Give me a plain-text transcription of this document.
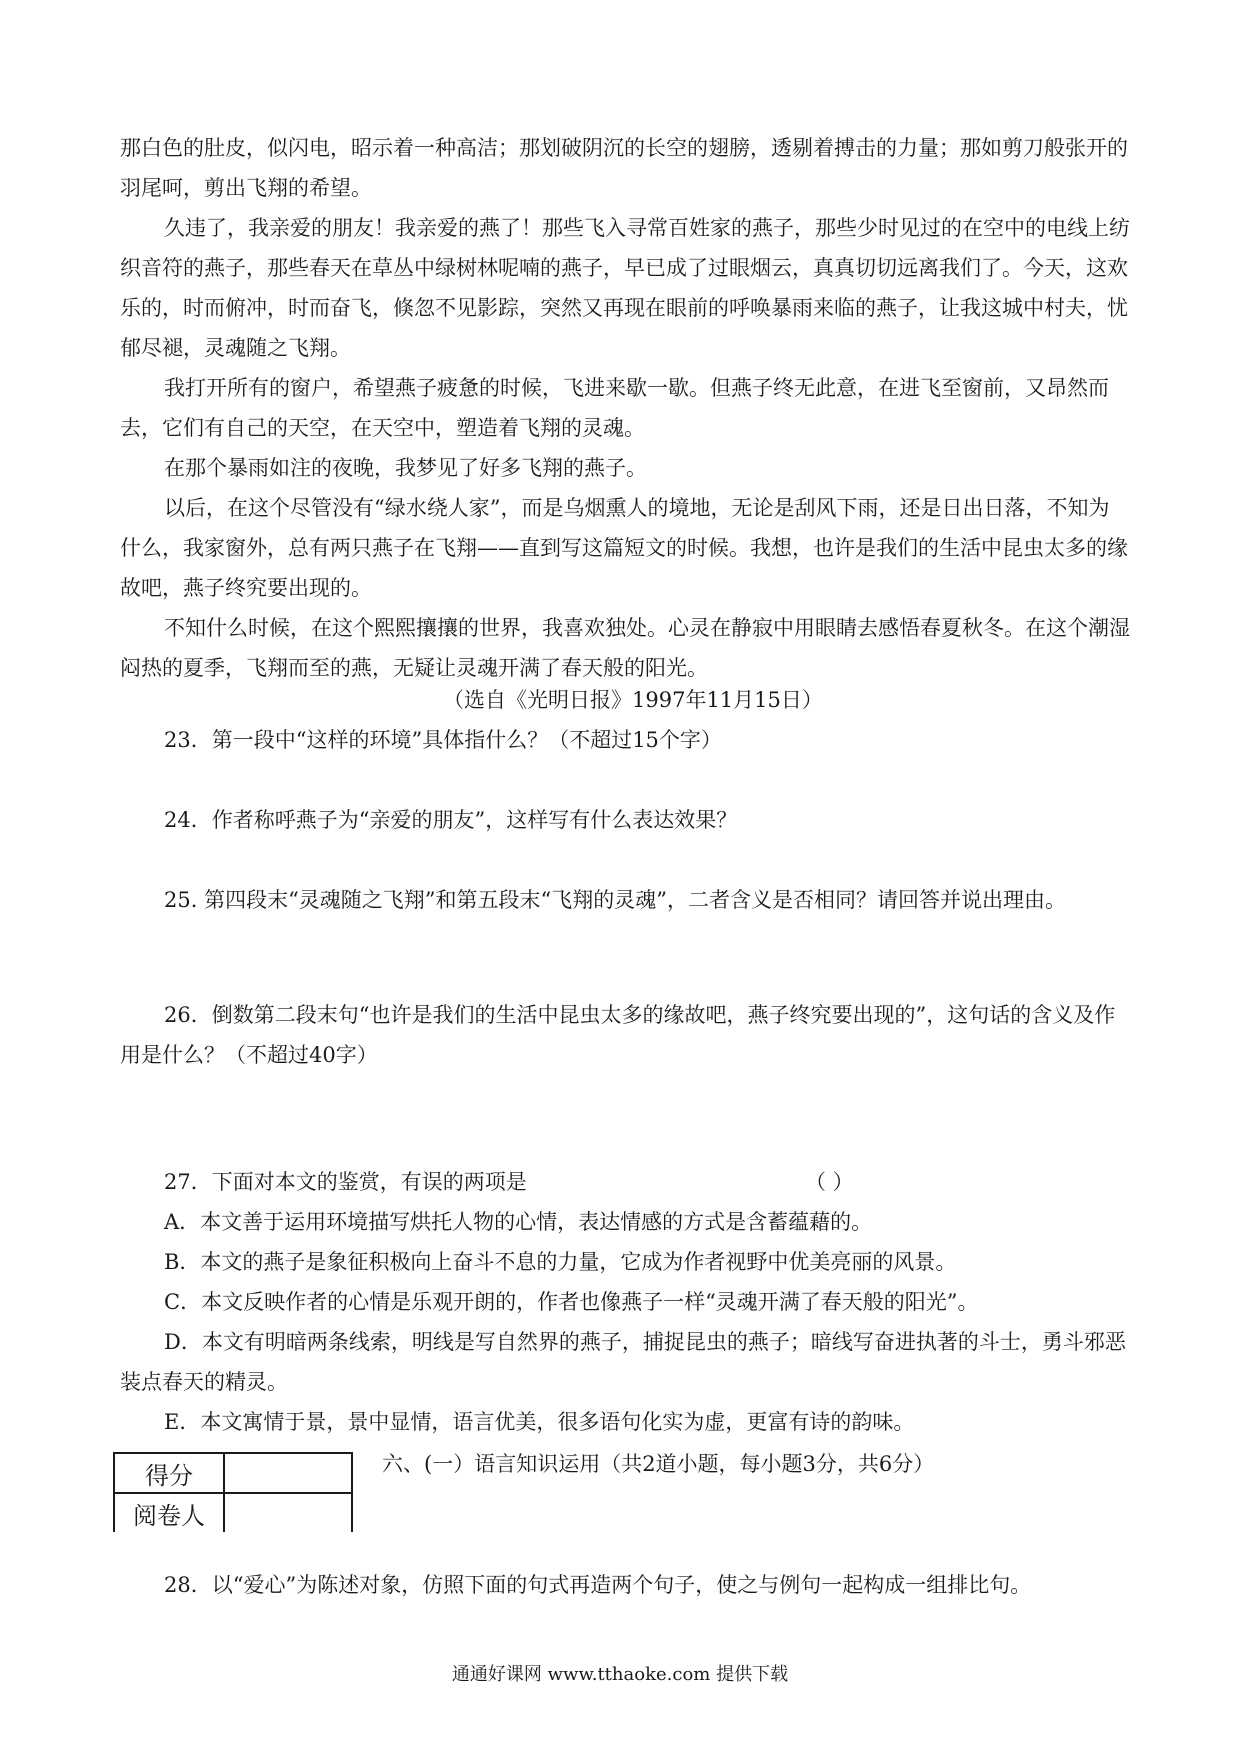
那白色的肚皮，似闪电，昭示着一种高洁；那划破阴沉的长空的翅膀，透剔着搏击的力量；那如剪刀般张开的羽尾呵，剪出飞翔的希望。

久违了，我亲爱的朋友！我亲爱的燕了！那些飞入寻常百姓家的燕子，那些少时见过的在空中的电线上纺织音符的燕子，那些春天在草丛中绿树林呢喃的燕子，早已成了过眼烟云，真真切切远离我们了。今天，这欢乐的，时而俯冲，时而奋飞，倏忽不见影踪，突然又再现在眼前的呼唤暴雨来临的燕子，让我这城中村夫，忧郁尽褪，灵魂随之飞翔。

我打开所有的窗户，希望燕子疲惫的时候，飞进来歇一歇。但燕子终无此意，在进飞至窗前，又昂然而去，它们有自己的天空，在天空中，塑造着飞翔的灵魂。

在那个暴雨如注的夜晚，我梦见了好多飞翔的燕子。

以后，在这个尽管没有“绿水绕人家”，而是乌烟熏人的境地，无论是刮风下雨，还是日出日落，不知为什么，我家窗外，总有两只燕子在飞翔——直到写这篇短文的时候。我想，也许是我们的生活中昆虫太多的缘故吧，燕子终究要出现的。

不知什么时候，在这个熙熙攘攘的世界，我喜欢独处。心灵在静寂中用眼睛去感悟春夏秋冬。在这个潮湿闷热的夏季，飞翔而至的燕，无疑让灵魂开满了春天般的阳光。

（选自《光明日报》1997年11月15日）

23．第一段中“这样的环境”具体指什么？（不超过15个字）

24．作者称呼燕子为“亲爱的朋友”，这样写有什么表达效果？

25. 第四段末“灵魂随之飞翔”和第五段末“飞翔的灵魂”，二者含义是否相同？请回答并说出理由。

26．倒数第二段末句“也许是我们的生活中昆虫太多的缘故吧，燕子终究要出现的”，这句话的含义及作用是什么？（不超过40字）

27．下面对本文的鉴赏，有误的两项是	（ ）

A．本文善于运用环境描写烘托人物的心情，表达情感的方式是含蓄蕴藉的。

B．本文的燕子是象征积极向上奋斗不息的力量，它成为作者视野中优美亮丽的风景。

C．本文反映作者的心情是乐观开朗的，作者也像燕子一样“灵魂开满了春天般的阳光”。

D．本文有明暗两条线索，明线是写自然界的燕子，捕捉昆虫的燕子；暗线写奋进执著的斗士，勇斗邪恶装点春天的精灵。

E．本文寓情于景，景中显情，语言优美，很多语句化实为虚，更富有诗的韵味。

得分	
阅卷人	
六、(一）语言知识运用（共2道小题，每小题3分，共6分）

28．以“爱心”为陈述对象，仿照下面的句式再造两个句子，使之与例句一起构成一组排比句。

通通好课网 www.tthaoke.com 提供下载
